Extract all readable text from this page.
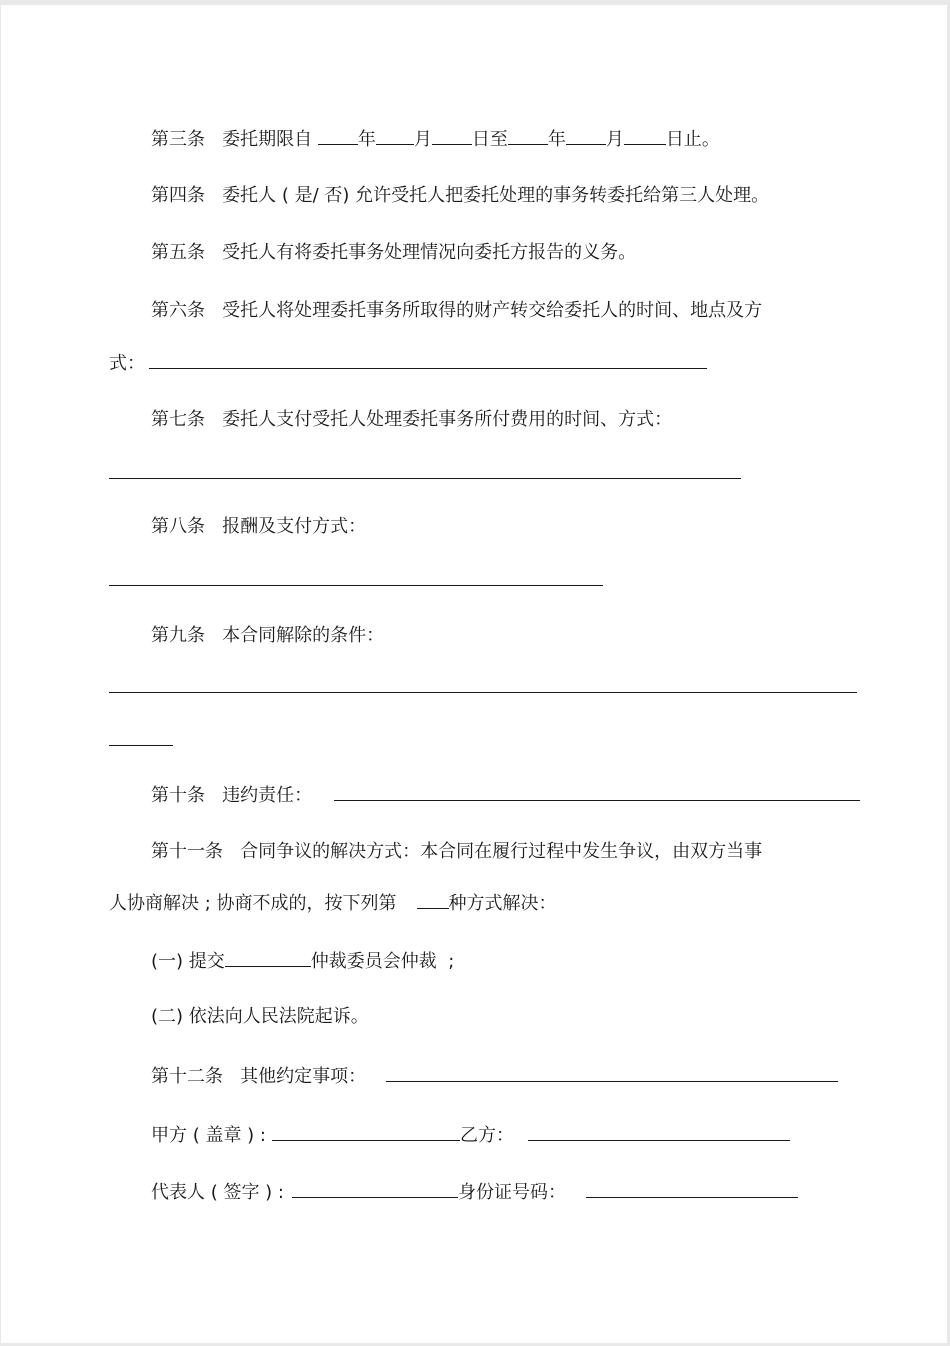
第三条   委托期限自 年 月 日至 年 月 日止。
第四条   委托人 ( 是/ 否) 允许受托人把委托处理的事务转委托给第三人处理。
第五条   受托人有将委托事务处理情况向委托方报告的义务。
第六条   受托人将处理委托事务所取得的财产转交给委托人的时间、地点及方
式：
第七条   委托人支付受托人处理委托事务所付费用的时间、方式：
第八条   报酬及支付方式：
第九条   本合同解除的条件：
第十条   违约责任：
第十一条   合同争议的解决方式：本合同在履行过程中发生争议，由双方当事
人协商解决 ; 协商不成的，按下列第	种方式解决：
(一) 提交	仲裁委员会仲裁  ;
(二) 依法向人民法院起诉。
第十二条   其他约定事项：
甲方 ( 盖章 ) :	乙方：
代表人 ( 签字 ) :	身份证号码：
